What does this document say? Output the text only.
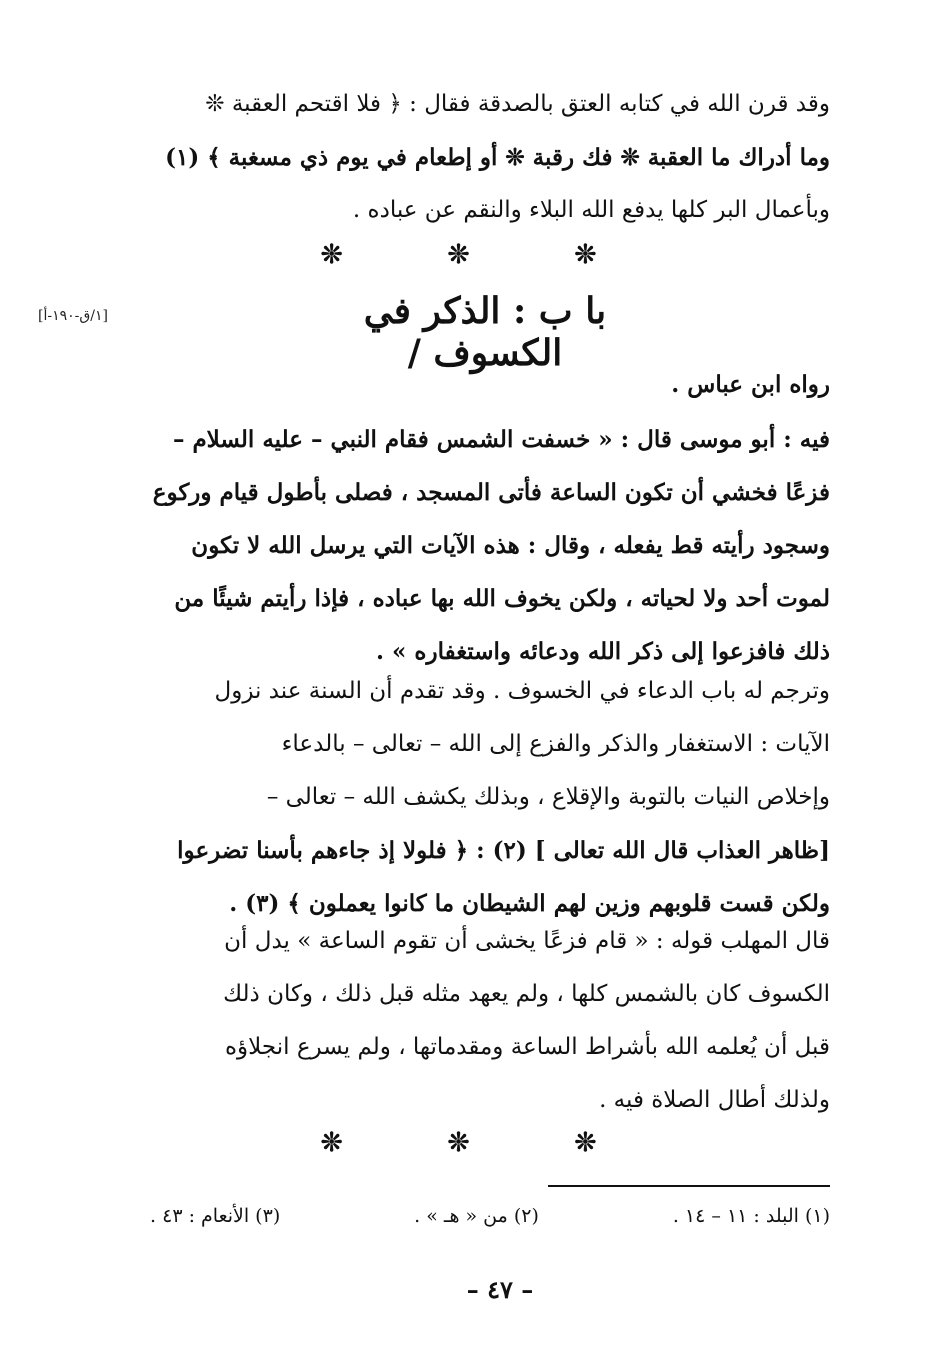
وقد قرن الله في كتابه العتق بالصدقة فقال : ﴿ فلا اقتحم العقبة ❊
وما أدراك ما العقبة ❊ فك رقبة ❊ أو إطعام في يوم ذي مسغبة ﴾ (١)
وبأعمال البر كلها يدفع الله البلاء والنقم عن عباده .
❊ ❊ ❊
با ب : الذكر في الكسوف /
[١/ق-١٩٠-أ]
رواه ابن عباس .
فيه : أبو موسى قال : « خسفت الشمس فقام النبي – عليه السلام –
فزعًا فخشي أن تكون الساعة فأتى المسجد ، فصلى بأطول قيام وركوع
وسجود رأيته قط يفعله ، وقال : هذه الآيات التي يرسل الله لا تكون
لموت أحد ولا لحياته ، ولكن يخوف الله بها عباده ، فإذا رأيتم شيئًا من
ذلك فافزعوا إلى ذكر الله ودعائه واستغفاره » .
وترجم له باب الدعاء في الخسوف . وقد تقدم أن السنة عند نزول
الآيات : الاستغفار والذكر والفزع إلى الله – تعالى – بالدعاء
وإخلاص النيات بالتوبة والإقلاع ، وبذلك يكشف الله – تعالى –
[ظاهر العذاب قال الله تعالى ] (٢) : ﴿ فلولا إذ جاءهم بأسنا تضرعوا
ولكن قست قلوبهم وزين لهم الشيطان ما كانوا يعملون ﴾ (٣) .
قال المهلب قوله : « قام فزعًا يخشى أن تقوم الساعة » يدل أن
الكسوف كان بالشمس كلها ، ولم يعهد مثله قبل ذلك ، وكان ذلك
قبل أن يُعلمه الله بأشراط الساعة ومقدماتها ، ولم يسرع انجلاؤه
ولذلك أطال الصلاة فيه .
❊ ❊ ❊
(١) البلد : ١١ – ١٤ .
(٢) من « هـ » .
(٣) الأنعام : ٤٣ .
– ٤٧ –
